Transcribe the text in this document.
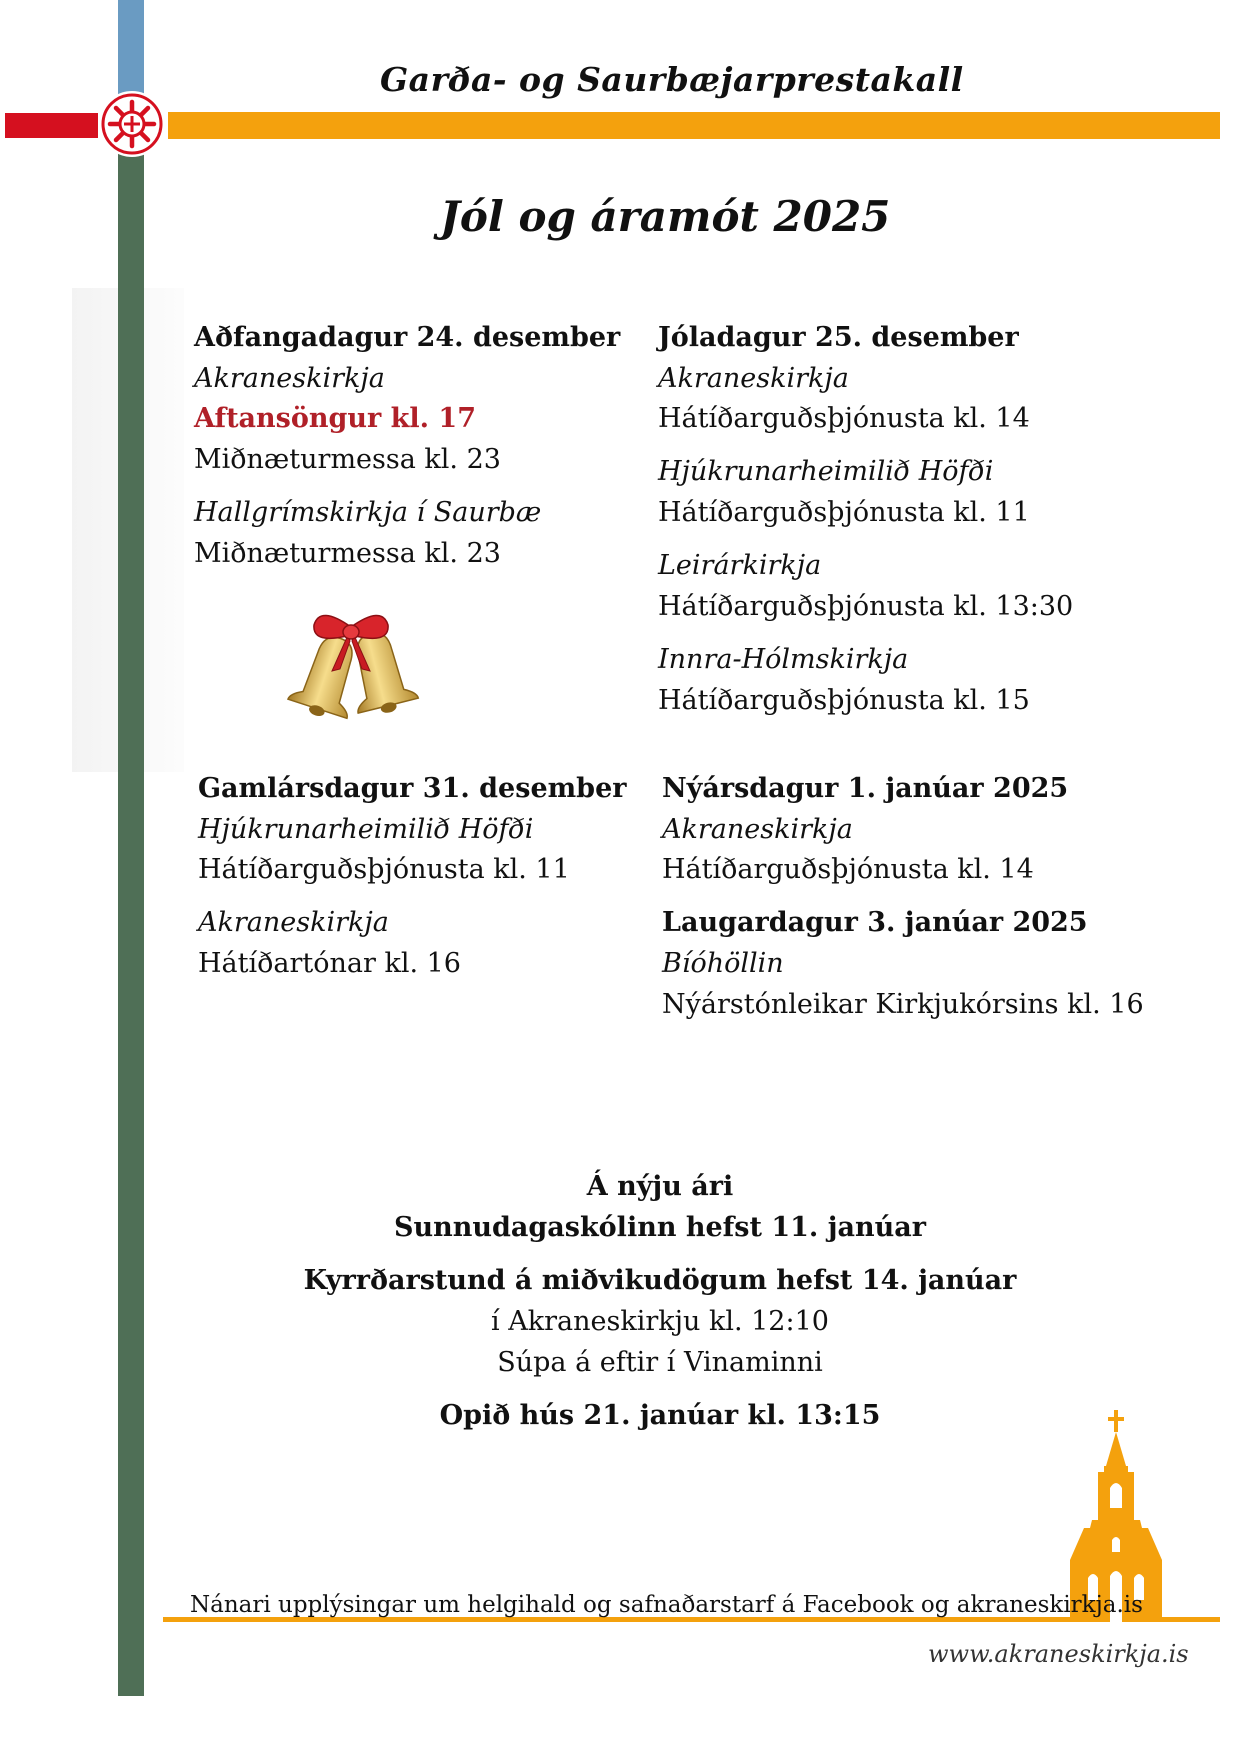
Garða- og Saurbæjarprestakall
Jól og áramót 2025
Aðfangadagur 24. desember
Akraneskirkja
Aftansöngur kl. 17
Miðnæturmessa kl. 23
Hallgrímskirkja í Saurbæ
Miðnæturmessa kl. 23
Jóladagur 25. desember
Akraneskirkja
Hátíðarguðsþjónusta kl. 14
Hjúkrunarheimilið Höfði
Hátíðarguðsþjónusta kl. 11
Leirárkirkja
Hátíðarguðsþjónusta kl. 13:30
Innra-Hólmskirkja
Hátíðarguðsþjónusta kl. 15
Gamlársdagur 31. desember
Hjúkrunarheimilið Höfði
Hátíðarguðsþjónusta kl. 11
Akraneskirkja
Hátíðartónar kl. 16
Nýársdagur 1. janúar 2025
Akraneskirkja
Hátíðarguðsþjónusta kl. 14
Laugardagur 3. janúar 2025
Bíóhöllin
Nýárstónleikar Kirkjukórsins kl. 16
Á nýju ári
Sunnudagaskólinn hefst 11. janúar
Kyrrðarstund á miðvikudögum hefst 14. janúar
í Akraneskirkju kl. 12:10
Súpa á eftir í Vinaminni
Opið hús 21. janúar kl. 13:15
Nánari upplýsingar um helgihald og safnaðarstarf á Facebook og akraneskirkja.is
www.akraneskirkja.is
